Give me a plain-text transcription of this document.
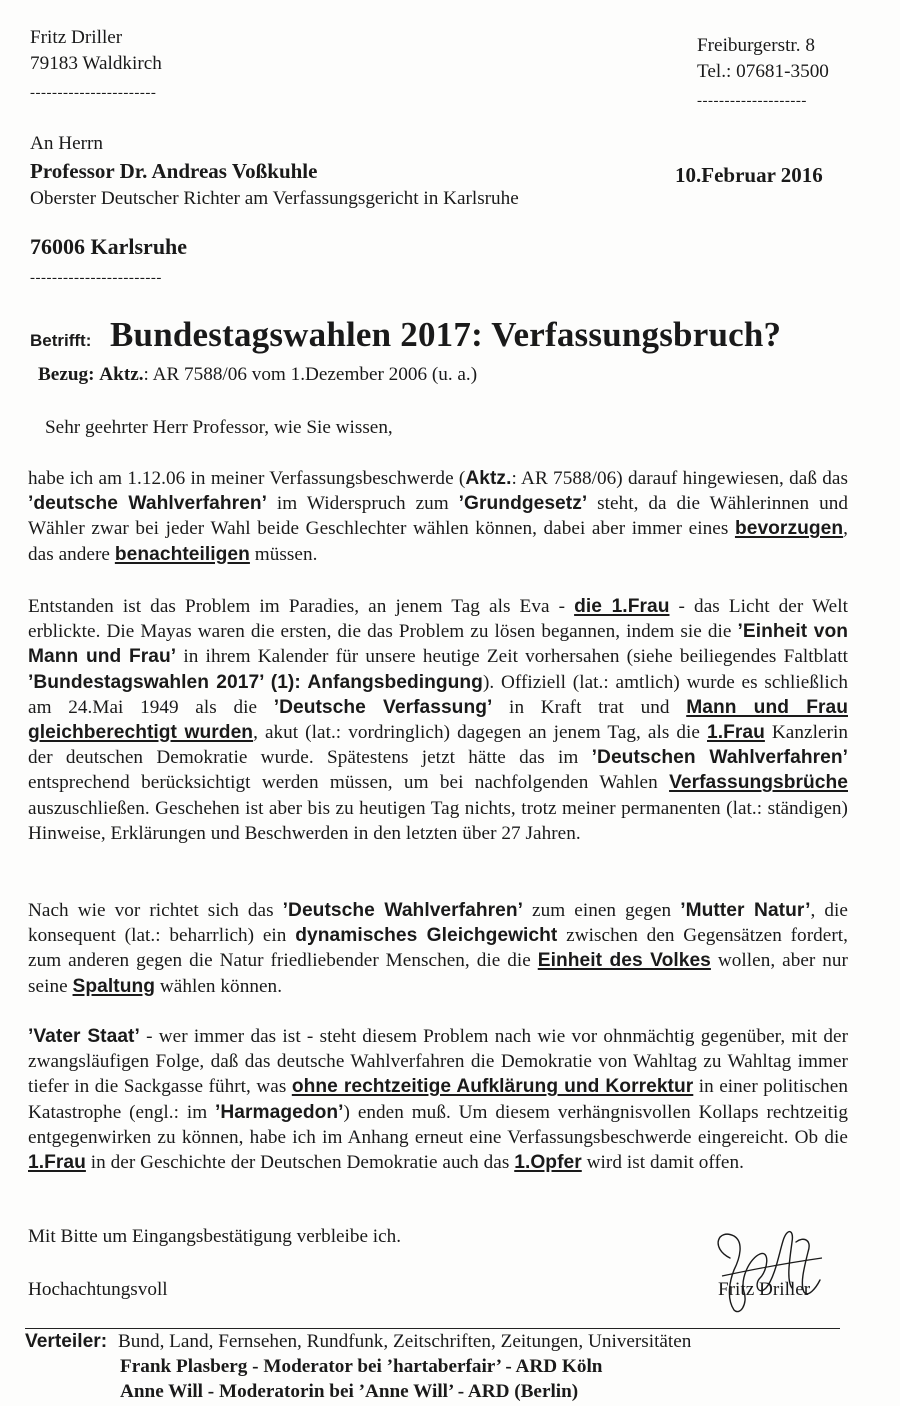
Fritz Driller
79183 Waldkirch
-----------------------
Freiburgerstr. 8
Tel.: 07681-3500
--------------------
An Herrn
Professor Dr. Andreas Voßkuhle
Oberster Deutscher Richter am Verfassungsgericht in Karlsruhe
10.Februar 2016
76006 Karlsruhe
------------------------
Betrifft: Bundestagswahlen 2017: Verfassungsbruch?
Bezug: Aktz.: AR 7588/06 vom 1.Dezember 2006 (u. a.)
Sehr geehrter Herr Professor, wie Sie wissen,

habe ich am 1.12.06 in meiner Verfassungsbeschwerde (Aktz.: AR 7588/06) darauf hingewiesen, daß das ’deutsche Wahlverfahren’ im Widerspruch zum ’Grundgesetz’ steht, da die Wählerinnen und Wähler zwar bei jeder Wahl beide Geschlechter wählen können, dabei aber immer eines bevorzugen, das andere benachteiligen müssen.

Entstanden ist das Problem im Paradies, an jenem Tag als Eva - die 1.Frau - das Licht der Welt erblickte. Die Mayas waren die ersten, die das Problem zu lösen begannen, indem sie die ’Einheit von Mann und Frau’ in ihrem Kalender für unsere heutige Zeit vorhersahen (siehe beiliegendes Faltblatt ’Bundestagswahlen 2017’ (1): Anfangsbedingung). Offiziell (lat.: amtlich) wurde es schließlich am 24.Mai 1949 als die ’Deutsche Verfassung’ in Kraft trat und Mann und Frau gleichberechtigt wurden, akut (lat.: vordringlich) dagegen an jenem Tag, als die 1.Frau Kanzlerin der deutschen Demokratie wurde. Spätestens jetzt hätte das im ’Deutschen Wahlverfahren’ entsprechend berücksichtigt werden müssen, um bei nachfolgenden Wahlen Verfassungsbrüche auszuschließen. Geschehen ist aber bis zu heutigen Tag nichts, trotz meiner permanenten (lat.: ständigen) Hinweise, Erklärungen und Beschwerden in den letzten über 27 Jahren.

Nach wie vor richtet sich das ’Deutsche Wahlverfahren’ zum einen gegen ’Mutter Natur’, die konsequent (lat.: beharrlich) ein dynamisches Gleichgewicht zwischen den Gegensätzen fordert, zum anderen gegen die Natur friedliebender Menschen, die die Einheit des Volkes wollen, aber nur seine Spaltung wählen können.

’Vater Staat’ - wer immer das ist - steht diesem Problem nach wie vor ohnmächtig gegenüber, mit der zwangsläufigen Folge, daß das deutsche Wahlverfahren die Demokratie von Wahltag zu Wahltag immer tiefer in die Sackgasse führt, was ohne rechtzeitige Aufklärung und Korrektur in einer politischen Katastrophe (engl.: im ’Harmagedon’) enden muß. Um diesem verhängnisvollen Kollaps rechtzeitig entgegenwirken zu können, habe ich im Anhang erneut eine Verfassungsbeschwerde eingereicht. Ob die 1.Frau in der Geschichte der Deutschen Demokratie auch das 1.Opfer wird ist damit offen.

Mit Bitte um Eingangsbestätigung verbleibe ich.
Hochachtungsvoll	Fritz Driller
Verteiler: Bund, Land, Fernsehen, Rundfunk, Zeitschriften, Zeitungen, Universitäten
Frank Plasberg - Moderator bei ’hartaberfair’ - ARD Köln
Anne Will - Moderatorin bei ’Anne Will’ - ARD (Berlin)
